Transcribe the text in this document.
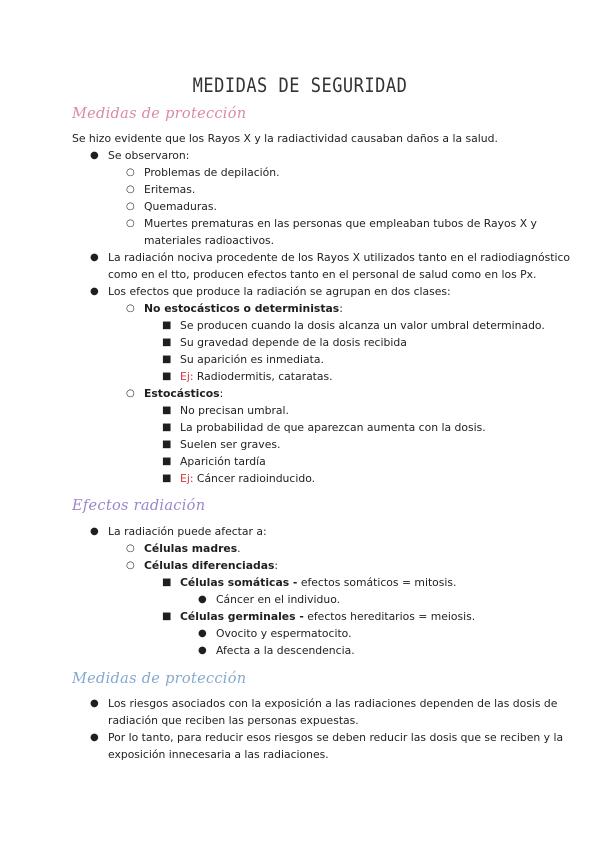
MEDIDAS DE SEGURIDAD
Medidas de protección
Se hizo evidente que los Rayos X y la radiactividad causaban daños a la salud.
● Se observaron:
○ Problemas de depilación.
○ Eritemas.
○ Quemaduras.
○ Muertes prematuras en las personas que empleaban tubos de Rayos X y
materiales radioactivos.
● La radiación nociva procedente de los Rayos X utilizados tanto en el radiodiagnóstico
como en el tto, producen efectos tanto en el personal de salud como en los Px.
● Los efectos que produce la radiación se agrupan en dos clases:
○ No estocásticos o deterministas:
■ Se producen cuando la dosis alcanza un valor umbral determinado.
■ Su gravedad depende de la dosis recibida
■ Su aparición es inmediata.
■ Ej: Radiodermitis, cataratas.
○ Estocásticos:
■ No precisan umbral.
■ La probabilidad de que aparezcan aumenta con la dosis.
■ Suelen ser graves.
■ Aparición tardía
■ Ej: Cáncer radioinducido.
Efectos radiación
● La radiación puede afectar a:
○ Células madres.
○ Células diferenciadas:
■ Células somáticas - efectos somáticos = mitosis.
● Cáncer en el individuo.
■ Células germinales - efectos hereditarios = meiosis.
● Ovocito y espermatocito.
● Afecta a la descendencia.
Medidas de protección
● Los riesgos asociados con la exposición a las radiaciones dependen de las dosis de
radiación que reciben las personas expuestas.
● Por lo tanto, para reducir esos riesgos se deben reducir las dosis que se reciben y la
exposición innecesaria a las radiaciones.
